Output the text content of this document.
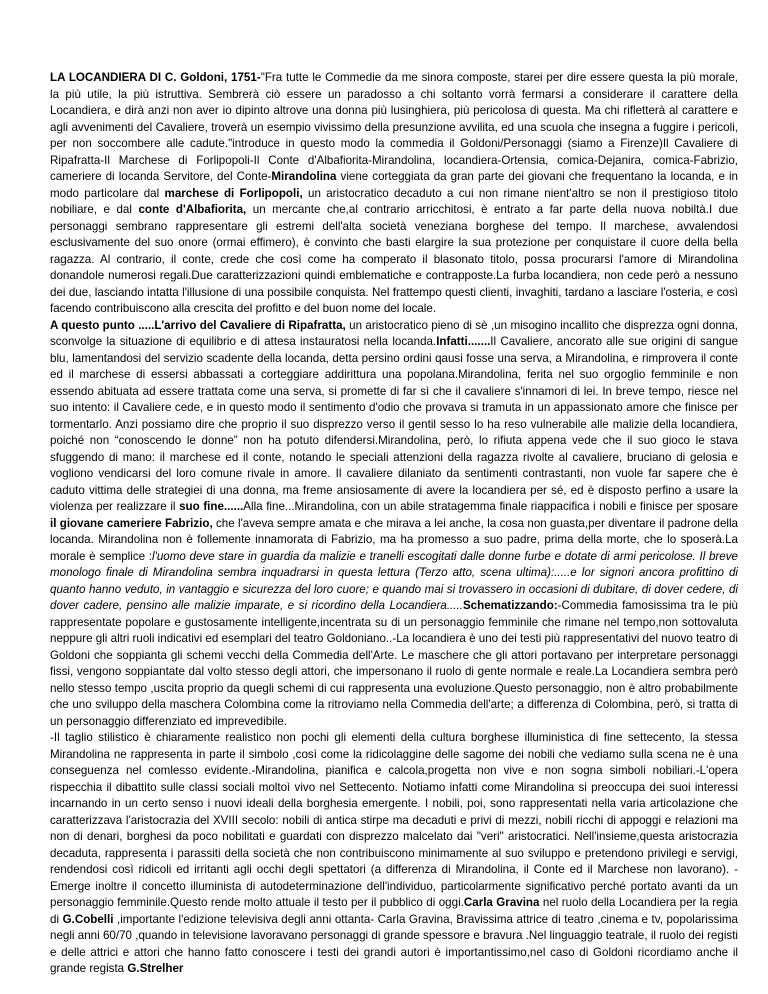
LA LOCANDIERA DI C. Goldoni, 1751-"Fra tutte le Commedie da me sinora composte, starei per dire essere questa la più morale, la più utile, la più istruttiva. Sembrerà ciò essere un paradosso a chi soltanto vorrà fermarsi a considerare il carattere della Locandiera, e dirà anzi non aver io dipinto altrove una donna più lusinghiera, più pericolosa di questa. Ma chi rifletterà al carattere e agli avvenimenti del Cavaliere, troverà un esempio vivissimo della presunzione avvilita, ed una scuola che insegna a fuggire i pericoli, per non soccombere alle cadute."introduce in questo modo la commedia il Goldoni/Personaggi (siamo a Firenze)Il Cavaliere di Ripafratta-Il Marchese di Forlipopoli-Il Conte d'Albafiorita-Mirandolina, locandiera-Ortensia, comica-Dejanira, comica-Fabrizio, cameriere di locanda Servitore, del Conte-Mirandolina viene corteggiata da gran parte dei giovani che frequentano la locanda, e in modo particolare dal marchese di Forlipopoli, un aristocratico decaduto a cui non rimane nient'altro se non il prestigioso titolo nobiliare, e dal conte d'Albafiorita, un mercante che,al contrario arricchitosi, è entrato a far parte della nuova nobiltà.I due personaggi sembrano rappresentare gli estremi dell'alta società veneziana borghese del tempo. Il marchese, avvalendosi esclusivamente del suo onore (ormai effimero), è convinto che basti elargire la sua protezione per conquistare il cuore della bella ragazza. Al contrario, il conte, crede che così come ha comperato il blasonato titolo, possa procurarsi l'amore di Mirandolina donandole numerosi regali.Due caratterizzazioni quindi emblematiche e contrapposte.La furba locandiera, non cede però a nessuno dei due, lasciando intatta l'illusione di una possibile conquista. Nel frattempo questi clienti, invaghiti, tardano a lasciare l'osteria, e così facendo contribuiscono alla crescita del profitto e del buon nome del locale.

A questo punto .....L'arrivo del Cavaliere di Ripafratta, un aristocratico pieno di sè ,un misogino incallito che disprezza ogni donna, sconvolge la situazione di equilibrio e di attesa instauratosi nella locanda.Infatti.......Il Cavaliere, ancorato alle sue origini di sangue blu, lamentandosi del servizio scadente della locanda, detta persino ordini qausi fosse una serva, a Mirandolina, e rimprovera il conte ed il marchese di essersi abbassati a corteggiare addirittura una popolana.Mirandolina, ferita nel suo orgoglio femminile e non essendo abituata ad essere trattata come una serva, si promette di far sì che il cavaliere s'innamori di lei. In breve tempo, riesce nel suo intento: il Cavaliere cede, e in questo modo il sentimento d'odio che provava si tramuta in un appassionato amore che finisce per tormentarlo. Anzi possiamo dire che proprio il suo disprezzo verso il gentil sesso lo ha reso vulnerabile alle malizie della locandiera, poiché non “conoscendo le donne” non ha potuto difendersi.Mirandolina, però, lo rifiuta appena vede che il suo gioco le stava sfuggendo di mano: il marchese ed il conte, notando le speciali attenzioni della ragazza rivolte al cavaliere, bruciano di gelosia e vogliono vendicarsi del loro comune rivale in amore. Il cavaliere dilaniato da sentimenti contrastanti, non vuole far sapere che è caduto vittima delle strategiei di una donna, ma freme ansiosamente di avere la locandiera per sé, ed è disposto perfino a usare la violenza per realizzare il suo fine......Alla fine...Mirandolina, con un abile stratagemma finale riappacifica i nobili e finisce per sposare il giovane cameriere Fabrizio, che l'aveva sempre amata e che mirava a lei anche, la cosa non guasta,per diventare il padrone della locanda. Mirandolina non è follemente innamorata di Fabrizio, ma ha promesso a suo padre, prima della morte, che lo sposerà.La morale è semplice :l'uomo deve stare in guardia da malizie e tranelli escogitati dalle donne furbe e dotate di armi pericolose. Il breve monologo finale di Mirandolina sembra inquadrarsi in questa lettura (Terzo atto, scena ultima):.....e lor signori ancora profittino di quanto hanno veduto, in vantaggio e sicurezza del loro cuore; e quando mai si trovassero in occasioni di dubitare, di dover cedere, di dover cadere, pensino alle malizie imparate, e si ricordino della Locandiera.....Schematizzando:-Commedia famosissima tra le più rappresentate popolare e gustosamente intelligente,incentrata su di un personaggio femminile che rimane nel tempo,non sottovaluta neppure gli altri ruoli indicativi ed esemplari del teatro Goldoniano..-La locandiera è uno dei testi più rappresentativi del nuovo teatro di Goldoni che soppianta gli schemi vecchi della Commedia dell'Arte. Le maschere che gli attori portavano per interpretare personaggi fissi, vengono soppiantate dal volto stesso degli attori, che impersonano il ruolo di gente normale e reale.La Locandiera sembra però nello stesso tempo ,uscita proprio da quegli schemi di cui rappresenta una evoluzione.Questo personaggio, non è altro probabilmente che uno sviluppo della maschera Colombina come la ritroviamo nella Commedia dell'arte; a differenza di Colombina, però, si tratta di un personaggio differenziato ed imprevedibile.

-Il taglio stilistico è chiaramente realistico non pochi gli elementi della cultura borghese illuministica di fine settecento, la stessa Mirandolina ne rappresenta in parte il simbolo ,così come la ridicolaggine delle sagome dei nobili che vediamo sulla scena ne è una conseguenza nel comlesso evidente.-Mirandolina, pianifica e calcola,progetta non vive e non sogna simboli nobiliari.-L'opera rispecchia il dibattito sulle classi sociali moltoì vivo nel Settecento. Notiamo infatti come Mirandolina si preoccupa dei suoi interessi incarnando in un certo senso i nuovi ideali della borghesia emergente. I nobili, poi, sono rappresentati nella varia articolazione che caratterizzava l'aristocrazia del XVIII secolo: nobili di antica stirpe ma decaduti e privi di mezzi, nobili ricchi di appoggi e relazioni ma non di denari, borghesi da poco nobilitati e guardati con disprezzo malcelato dai "veri" aristocratici. Nell'insieme,questa aristocrazia decaduta, rappresenta i parassiti della società che non contribuiscono minimamente al suo sviluppo e pretendono privilegi e servigi, rendendosi così ridicoli ed irritanti agli occhi degli spettatori (a differenza di Mirandolina, il Conte ed il Marchese non lavorano). -Emerge inoltre il concetto illuminista di autodeterminazione dell'individuo, particolarmente significativo perché portato avanti da un personaggio femminile.Questo rende molto attuale il testo per il pubblico di oggi.Carla Gravina nel ruolo della Locandiera per la regia di G.Cobelli ,importante l'edizione televisiva degli anni ottanta- Carla Gravina, Bravissima attrice di teatro ,cinema e tv, popolarissima negli anni 60/70 ,quando in televisione lavoravano personaggi di grande spessore e bravura .Nel linguaggio teatrale, il ruolo dei registi e delle attrici e attori che hanno fatto conoscere i testi dei grandi autori è importantissimo,nel caso di Goldoni ricordiamo anche il grande regista G.Strelher
